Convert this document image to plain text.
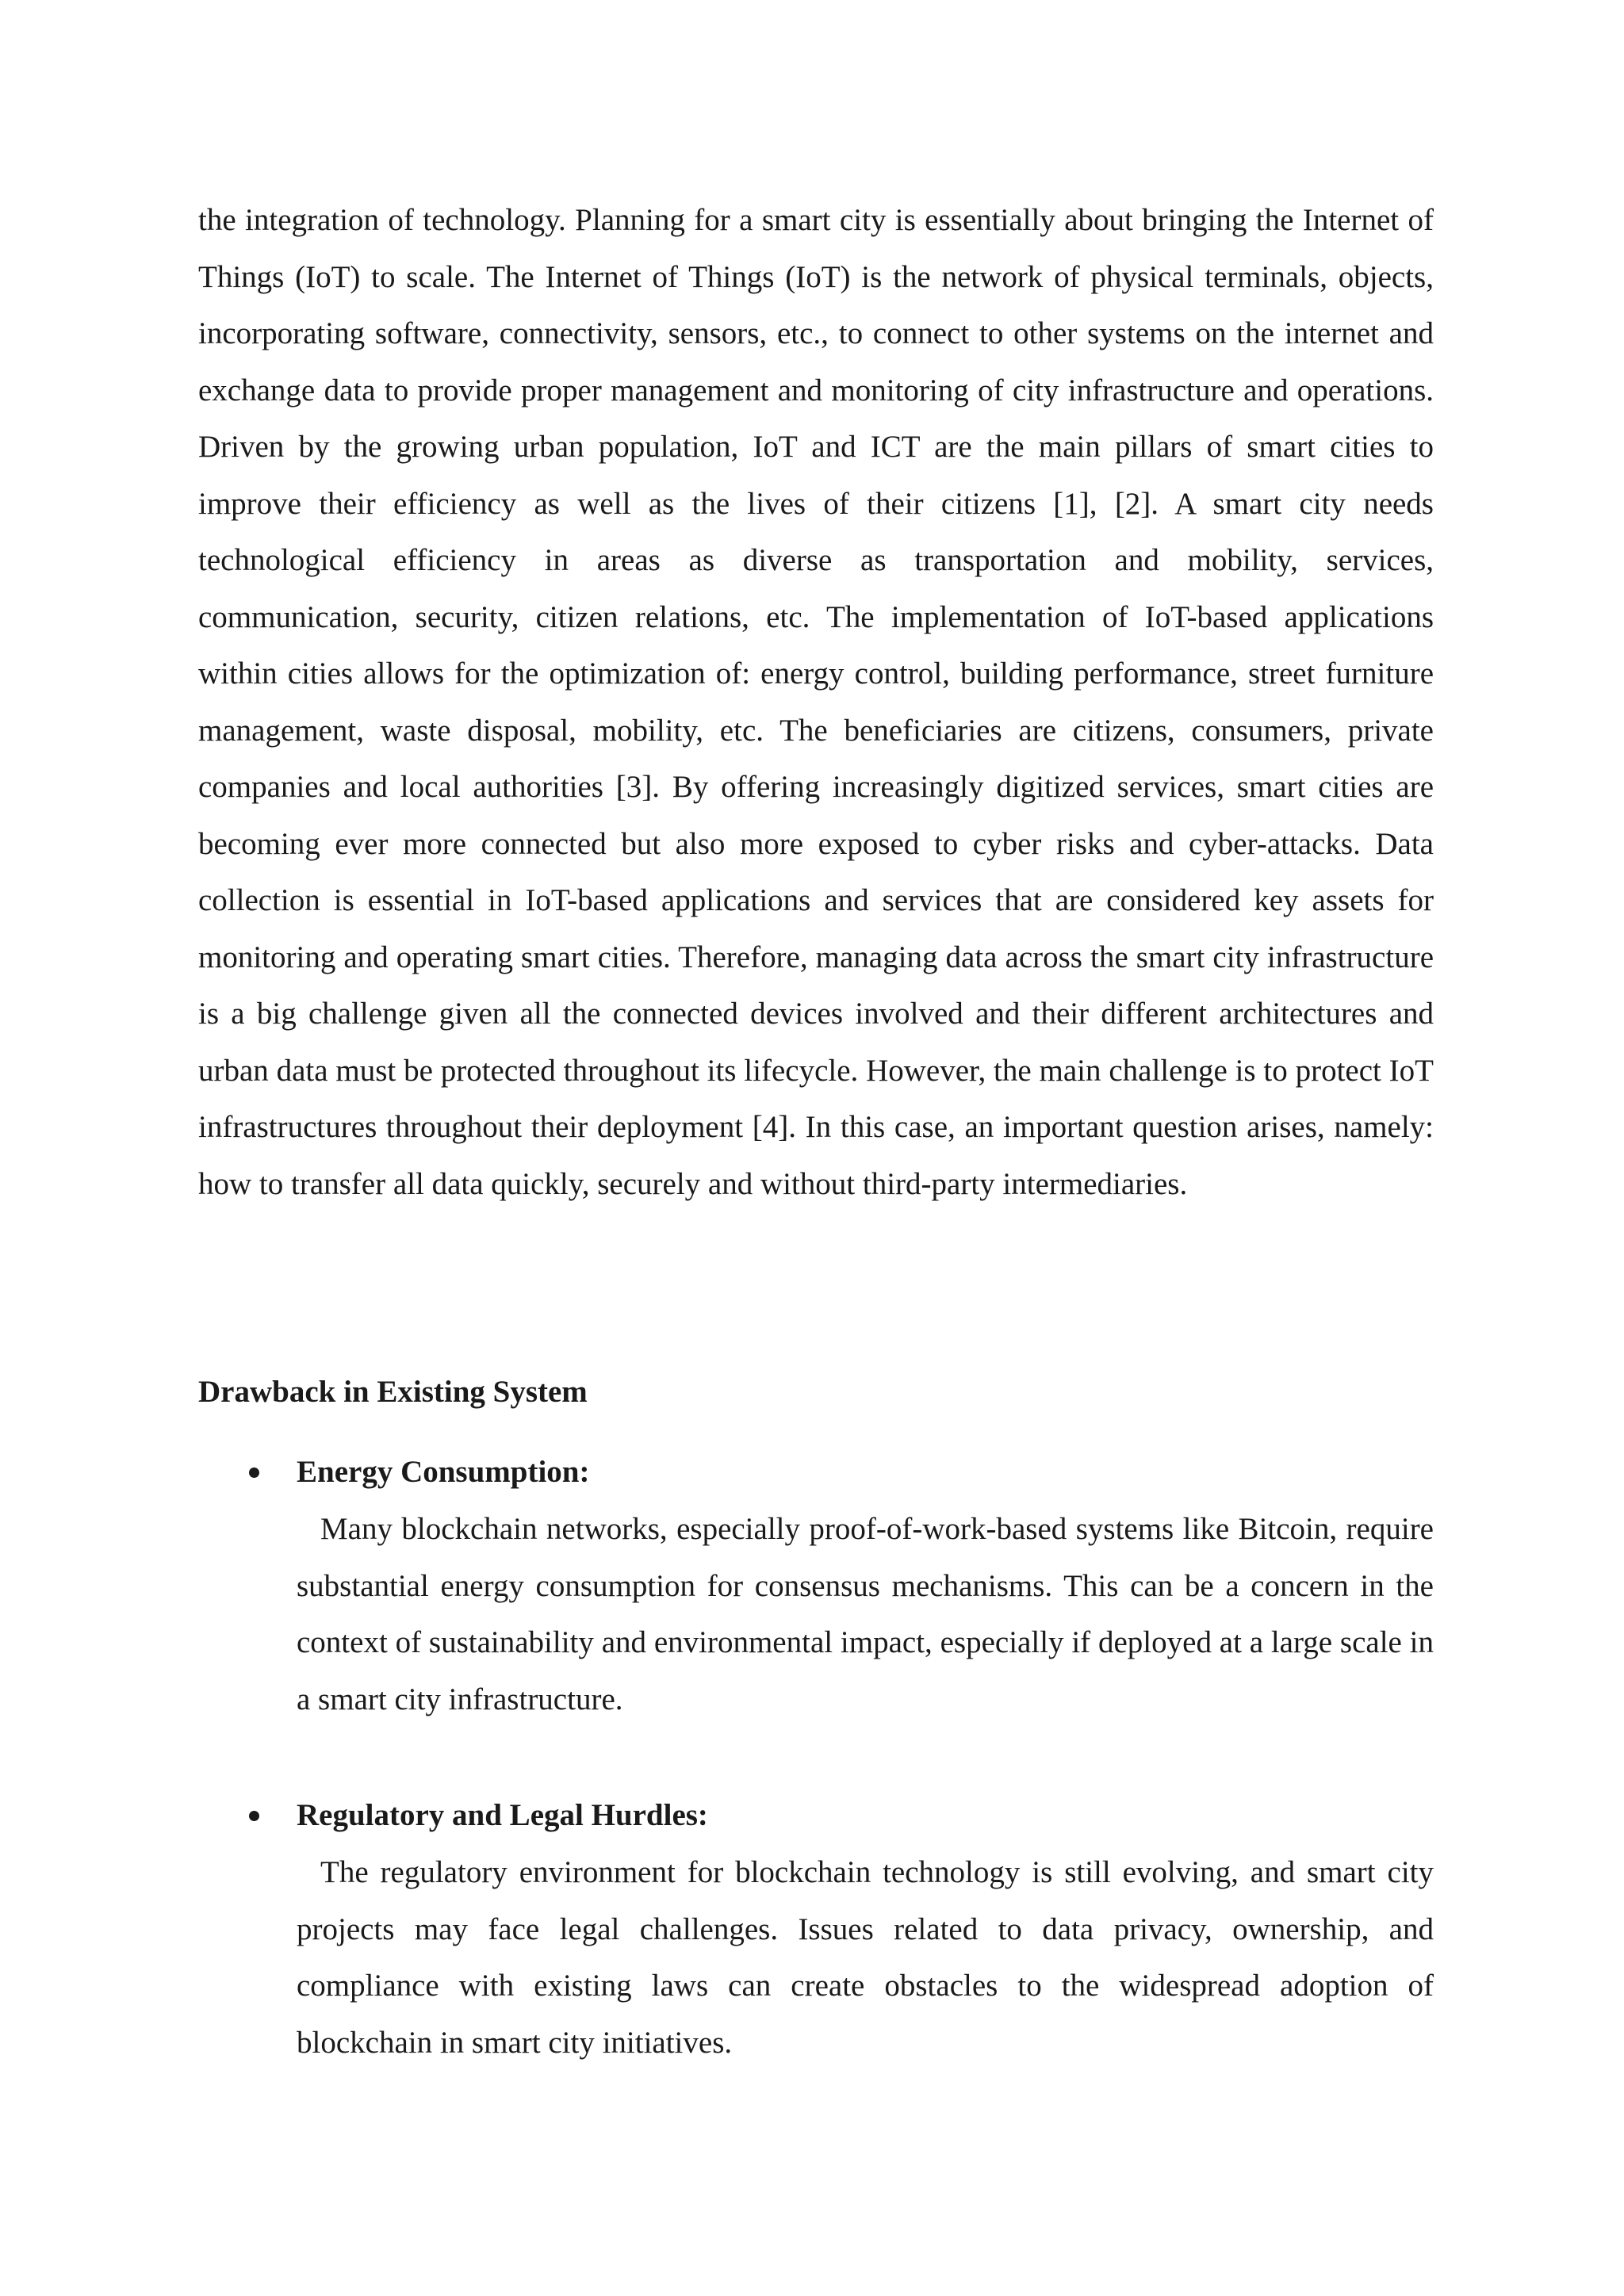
the integration of technology. Planning for a smart city is essentially about bringing the Internet of Things (IoT) to scale. The Internet of Things (IoT) is the network of physical terminals, objects, incorporating software, connectivity, sensors, etc., to connect to other systems on the internet and exchange data to provide proper management and monitoring of city infrastructure and operations. Driven by the growing urban population, IoT and ICT are the main pillars of smart cities to improve their efficiency as well as the lives of their citizens [1], [2]. A smart city needs technological efficiency in areas as diverse as transportation and mobility, services, communication, security, citizen relations, etc. The implementation of IoT-based applications within cities allows for the optimization of: energy control, building performance, street furniture management, waste disposal, mobility, etc. The beneficiaries are citizens, consumers, private companies and local authorities [3]. By offering increasingly digitized services, smart cities are becoming ever more connected but also more exposed to cyber risks and cyber-attacks. Data collection is essential in IoT-based applications and services that are considered key assets for monitoring and operating smart cities. Therefore, managing data across the smart city infrastructure is a big challenge given all the connected devices involved and their different architectures and urban data must be protected throughout its lifecycle. However, the main challenge is to protect IoT infrastructures throughout their deployment [4]. In this case, an important question arises, namely: how to transfer all data quickly, securely and without third-party intermediaries.

Drawback in Existing System
Energy Consumption:

Many blockchain networks, especially proof-of-work-based systems like Bitcoin, require substantial energy consumption for consensus mechanisms. This can be a concern in the context of sustainability and environmental impact, especially if deployed at a large scale in a smart city infrastructure.

Regulatory and Legal Hurdles:

The regulatory environment for blockchain technology is still evolving, and smart city projects may face legal challenges. Issues related to data privacy, ownership, and compliance with existing laws can create obstacles to the widespread adoption of blockchain in smart city initiatives.
